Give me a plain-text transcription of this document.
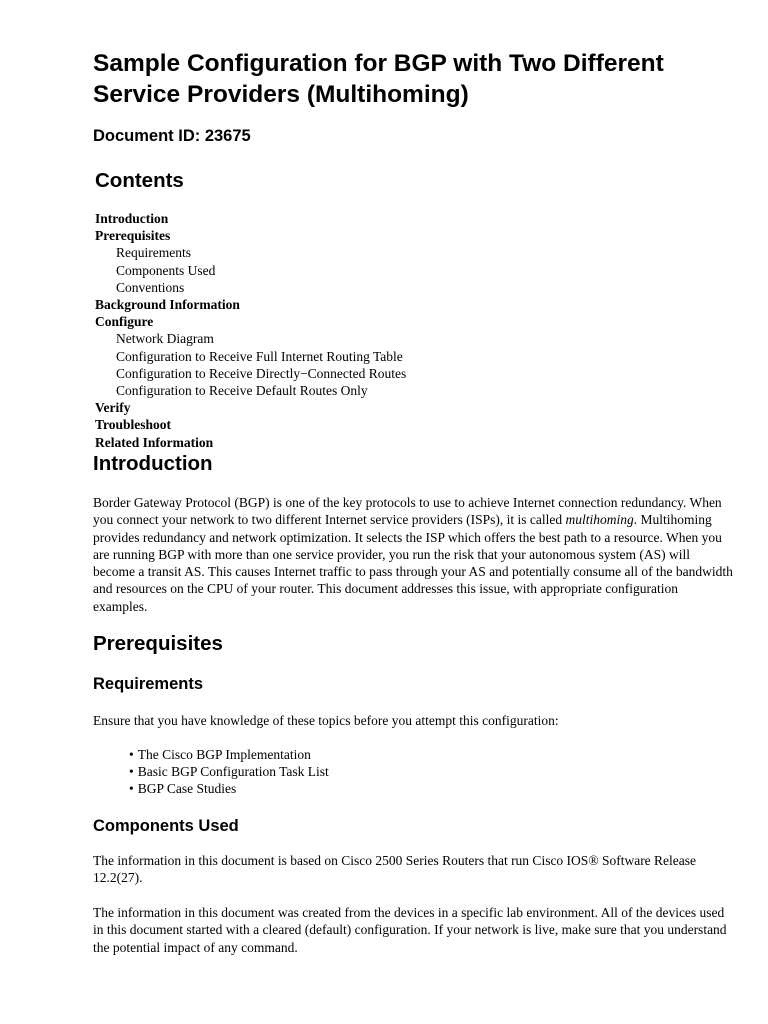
Sample Configuration for BGP with Two Different Service Providers (Multihoming)
Document ID: 23675
Contents
Introduction
Prerequisites
Requirements
Components Used
Conventions
Background Information
Configure
Network Diagram
Configuration to Receive Full Internet Routing Table
Configuration to Receive Directly−Connected Routes
Configuration to Receive Default Routes Only
Verify
Troubleshoot
Related Information
Introduction

Border Gateway Protocol (BGP) is one of the key protocols to use to achieve Internet connection redundancy. When you connect your network to two different Internet service providers (ISPs), it is called multihoming. Multihoming provides redundancy and network optimization. It selects the ISP which offers the best path to a resource. When you are running BGP with more than one service provider, you run the risk that your autonomous system (AS) will become a transit AS. This causes Internet traffic to pass through your AS and potentially consume all of the bandwidth and resources on the CPU of your router. This document addresses this issue, with appropriate configuration examples.

Prerequisites
Requirements

Ensure that you have knowledge of these topics before you attempt this configuration:

• The Cisco BGP Implementation
• Basic BGP Configuration Task List
• BGP Case Studies
Components Used

The information in this document is based on Cisco 2500 Series Routers that run Cisco IOS® Software Release 12.2(27).

The information in this document was created from the devices in a specific lab environment. All of the devices used in this document started with a cleared (default) configuration. If your network is live, make sure that you understand the potential impact of any command.
